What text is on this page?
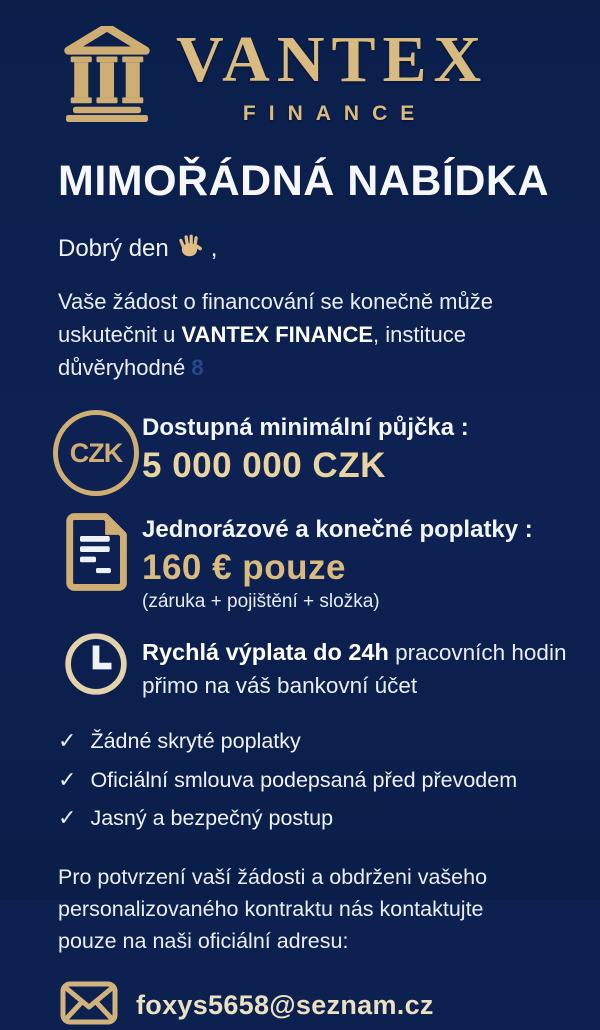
VANTEX
FINANCE
MIMOŘÁDNÁ NABÍDKA
Dobrý den ,

Vaše žádost o financování se konečně může uskutečnit u VANTEX FINANCE, instituce důvěryhodné 8

CZK
Dostupná minimální půjčka :
5 000 000 CZK
Jednorázové a konečné poplatky :
160 € pouze
(záruka + pojištění + složka)
Rychlá výplata do 24h pracovních hodin
přimo na váš bankovní účet
✓ Žádné skryté poplatky
✓ Oficiální smlouva podepsaná před převodem
✓ Jasný a bezpečný postup

Pro potvrzení vaší žádosti a obdrženi vašeho personalizovaného kontraktu nás kontaktujte pouze na naši oficiální adresu:

foxys5658@seznam.cz
